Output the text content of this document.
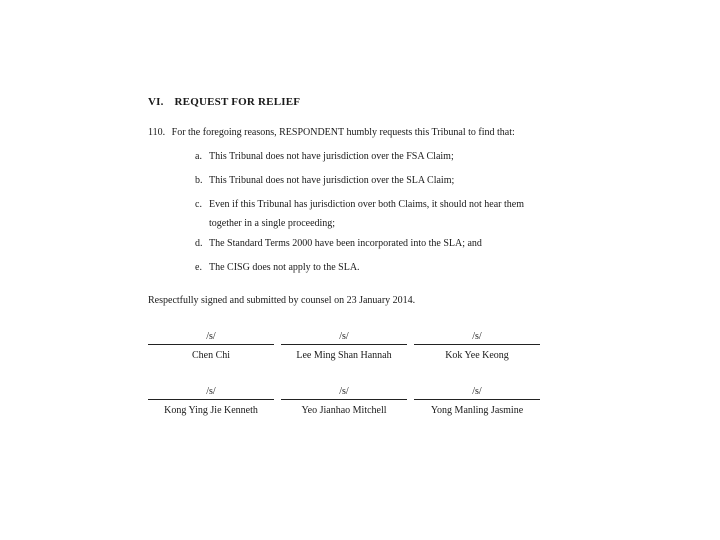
VI. REQUEST FOR RELIEF
110. For the foregoing reasons, RESPONDENT humbly requests this Tribunal to find that:
a. This Tribunal does not have jurisdiction over the FSA Claim;
b. This Tribunal does not have jurisdiction over the SLA Claim;
c. Even if this Tribunal has jurisdiction over both Claims, it should not hear them together in a single proceeding;
d. The Standard Terms 2000 have been incorporated into the SLA; and
e. The CISG does not apply to the SLA.
Respectfully signed and submitted by counsel on 23 January 2014.
/s/
Chen Chi
/s/
Lee Ming Shan Hannah
/s/
Kok Yee Keong
/s/
Kong Ying Jie Kenneth
/s/
Yeo Jianhao Mitchell
/s/
Yong Manling Jasmine
